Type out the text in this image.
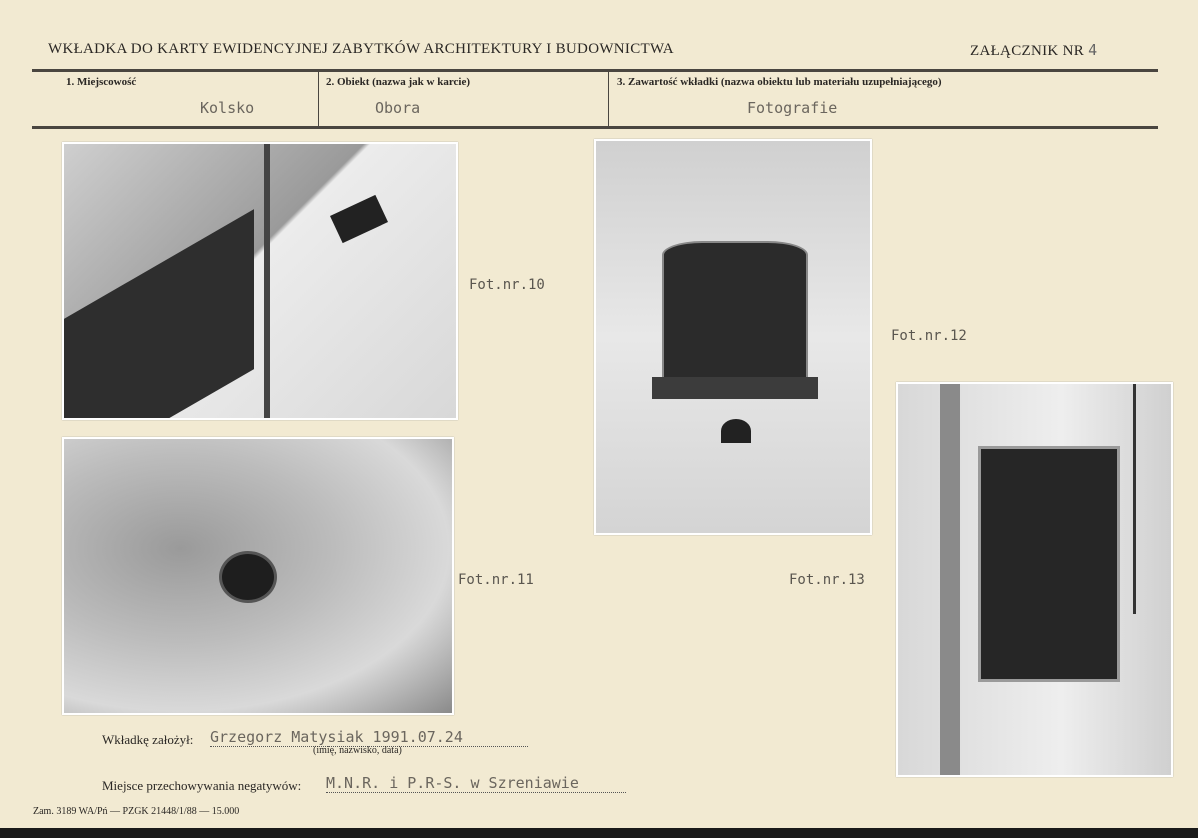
WKŁADKA DO KARTY EWIDENCYJNEJ ZABYTKÓW ARCHITEKTURY I BUDOWNICTWA	ZAŁĄCZNIK NR 4
1. Miejscowość
Kolsko
2. Obiekt (nazwa jak w karcie)
Obora
3. Zawartość wkładki (nazwa obiektu lub materiału uzupełniającego)
Fotografie
Fot.nr.10
Fot.nr.11
Fot.nr.12
Fot.nr.13
Wkładkę założył: Grzegorz Matysiak 1991.07.24
(imię, nazwisko, data)
Miejsce przechowywania negatywów: M.N.R. i P.R-S. w Szreniawie
Zam. 3189 WA/Pń — PZGK 21448/1/88 — 15.000
